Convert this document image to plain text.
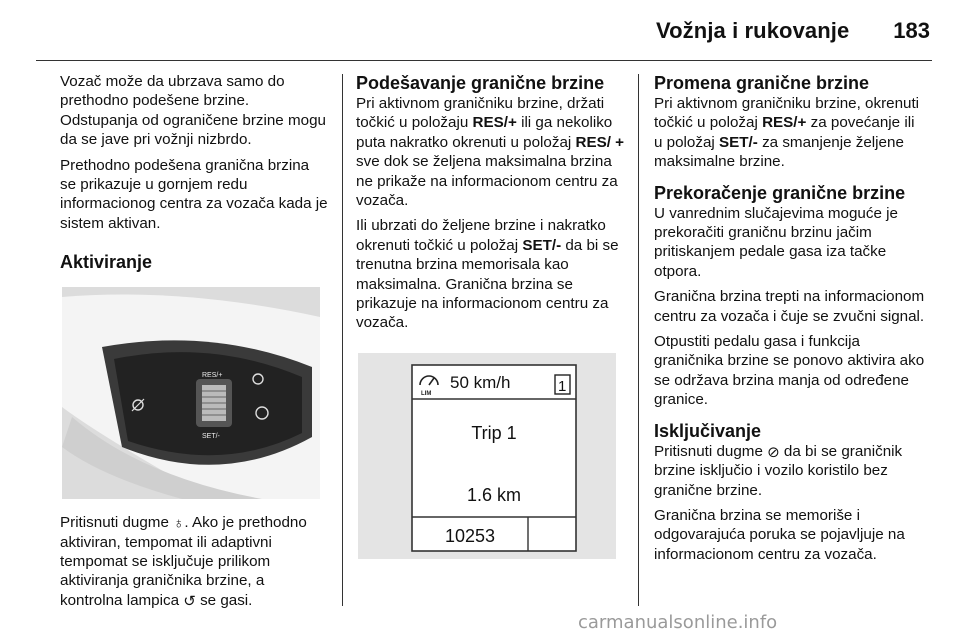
Vožnja i rukovanje	183

Vozač može da ubrzava samo do prethodno podešene brzine. Odstupanja od ograničene brzine mogu da se jave pri vožnji nizbrdo.

Prethodno podešena granična brzina se prikazuje u gornjem redu informacionog centra za vozača kada je sistem aktivan.

Aktiviranje
RES/+
SET/-

Pritisnuti dugme ♁. Ako je prethodno aktiviran, tempomat ili adaptivni tempomat se isključuje prilikom aktiviranja graničnika brzine, a kontrolna lampica ↺ se gasi.

Podešavanje granične brzine

Pri aktivnom graničniku brzine, držati točkić u položaju RES/+ ili ga nekoliko puta nakratko okrenuti u položaj RES/ + sve dok se željena maksimalna brzina ne prikaže na informacionom centru za vozača.

Ili ubrzati do željene brzine i nakratko okrenuti točkić u položaj SET/- da bi se trenutna brzina memorisala kao maksimalna. Granična brzina se prikazuje na informacionom centru za vozača.

LIM
50 km/h	1
Trip 1
1.6 km
10253
Promena granične brzine

Pri aktivnom graničniku brzine, okrenuti točkić u položaj RES/+ za povećanje ili u položaj SET/- za smanjenje željene maksimalne brzine.

Prekoračenje granične brzine

U vanrednim slučajevima moguće je prekoračiti graničnu brzinu jačim pritiskanjem pedale gasa iza tačke otpora.

Granična brzina trepti na informacionom centru za vozača i čuje se zvučni signal.

Otpustiti pedalu gasa i funkcija graničnika brzine se ponovo aktivira ako se održava brzina manja od određene granice.

Isključivanje

Pritisnuti dugme ⊘ da bi se graničnik brzine isključio i vozilo koristilo bez granične brzine.

Granična brzina se memoriše i odgovarajuća poruka se pojavljuje na informacionom centru za vozača.

carmanualsonline.info
